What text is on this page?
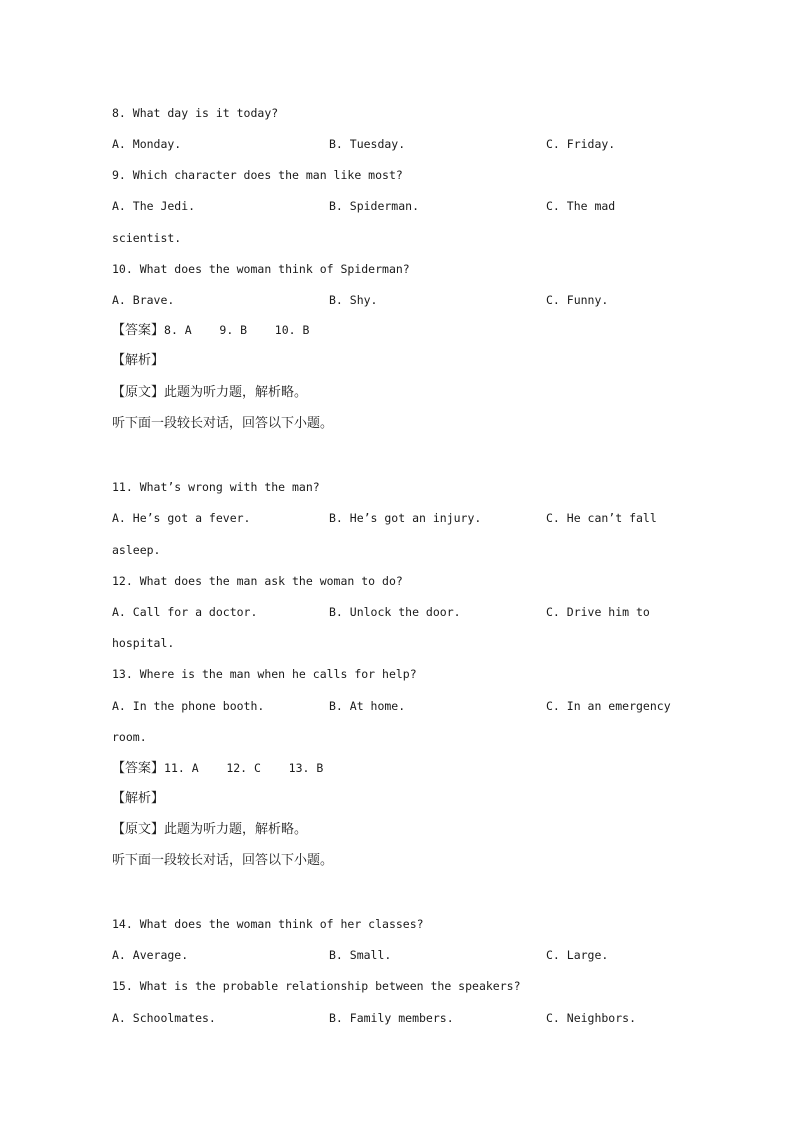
8. What day is it today?
A. Monday.	B. Tuesday.	C. Friday.
9. Which character does the man like most?
A. The Jedi.	B. Spiderman.	C. The mad
scientist.
10. What does the woman think of Spiderman?
A. Brave.	B. Shy.	C. Funny.
【答案】8. A    9. B    10. B
【解析】
【原文】此题为听力题，解析略。
听下面一段较长对话，回答以下小题。
11. What’s wrong with the man?
A. He’s got a fever.	B. He’s got an injury.	C. He can’t fall
asleep.
12. What does the man ask the woman to do?
A. Call for a doctor.	B. Unlock the door.	C. Drive him to
hospital.
13. Where is the man when he calls for help?
A. In the phone booth.	B. At home.	C. In an emergency
room.
【答案】11. A    12. C    13. B
【解析】
【原文】此题为听力题，解析略。
听下面一段较长对话，回答以下小题。
14. What does the woman think of her classes?
A. Average.	B. Small.	C. Large.
15. What is the probable relationship between the speakers?
A. Schoolmates.	B. Family members.	C. Neighbors.
